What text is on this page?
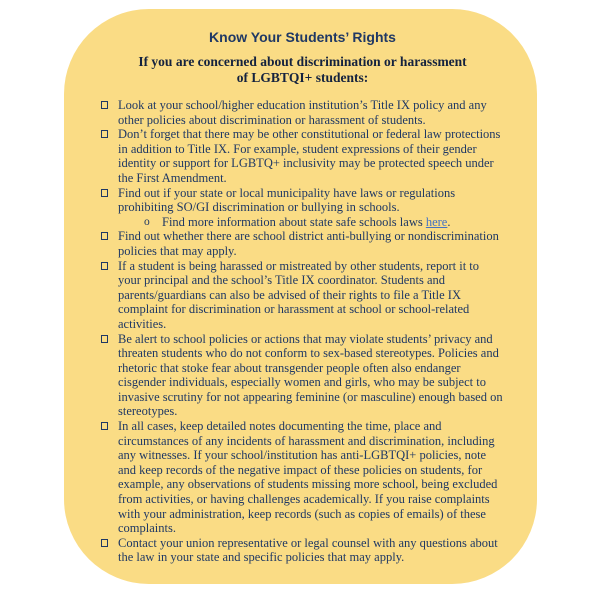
Know Your Students’ Rights
If you are concerned about discrimination or harassment
of LGBTQI+ students:
Look at your school/higher education institution’s Title IX policy and any other policies about discrimination or harassment of students.
Don’t forget that there may be other constitutional or federal law protections in addition to Title IX. For example, student expressions of their gender identity or support for LGBTQ+ inclusivity may be protected speech under the First Amendment.
Find out if your state or local municipality have laws or regulations prohibiting SO/GI discrimination or bullying in schools.
o Find more information about state safe schools laws here.
Find out whether there are school district anti-bullying or nondiscrimination policies that may apply.
If a student is being harassed or mistreated by other students, report it to your principal and the school’s Title IX coordinator. Students and parents/guardians can also be advised of their rights to file a Title IX complaint for discrimination or harassment at school or school-related activities.
Be alert to school policies or actions that may violate students’ privacy and threaten students who do not conform to sex-based stereotypes. Policies and rhetoric that stoke fear about transgender people often also endanger cisgender individuals, especially women and girls, who may be subject to invasive scrutiny for not appearing feminine (or masculine) enough based on stereotypes.
In all cases, keep detailed notes documenting the time, place and circumstances of any incidents of harassment and discrimination, including any witnesses. If your school/institution has anti-LGBTQI+ policies, note and keep records of the negative impact of these policies on students, for example, any observations of students missing more school, being excluded from activities, or having challenges academically. If you raise complaints with your administration, keep records (such as copies of emails) of these complaints.
Contact your union representative or legal counsel with any questions about the law in your state and specific policies that may apply.
